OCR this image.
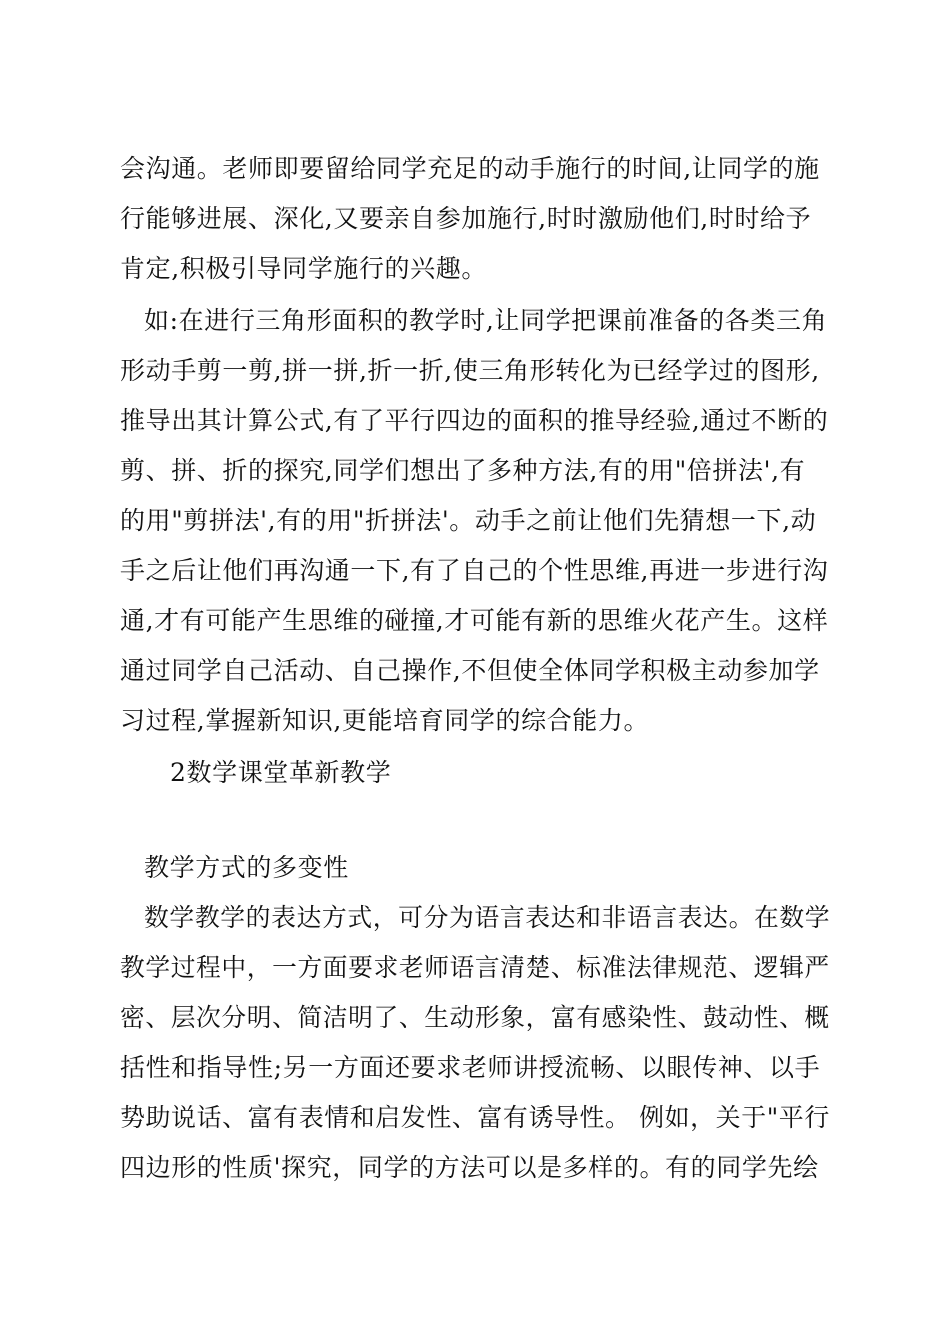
会沟通。老师即要留给同学充足的动手施行的时间,让同学的施
行能够进展、深化,又要亲自参加施行,时时激励他们,时时给予
肯定,积极引导同学施行的兴趣。
如:在进行三角形面积的教学时,让同学把课前准备的各类三角
形动手剪一剪,拼一拼,折一折,使三角形转化为已经学过的图形,
推导出其计算公式,有了平行四边的面积的推导经验,通过不断的
剪、拼、折的探究,同学们想出了多种方法,有的用"倍拼法',有
的用"剪拼法',有的用"折拼法'。动手之前让他们先猜想一下,动
手之后让他们再沟通一下,有了自己的个性思维,再进一步进行沟
通,才有可能产生思维的碰撞,才可能有新的思维火花产生。这样
通过同学自己活动、自己操作,不但使全体同学积极主动参加学
习过程,掌握新知识,更能培育同学的综合能力。
2数学课堂革新教学
教学方式的多变性
数学教学的表达方式，可分为语言表达和非语言表达。在数学
教学过程中，一方面要求老师语言清楚、标准法律规范、逻辑严
密、层次分明、简洁明了、生动形象，富有感染性、鼓动性、概
括性和指导性;另一方面还要求老师讲授流畅、以眼传神、以手
势助说话、富有表情和启发性、富有诱导性。 例如，关于"平行
四边形的性质'探究，同学的方法可以是多样的。有的同学先绘
